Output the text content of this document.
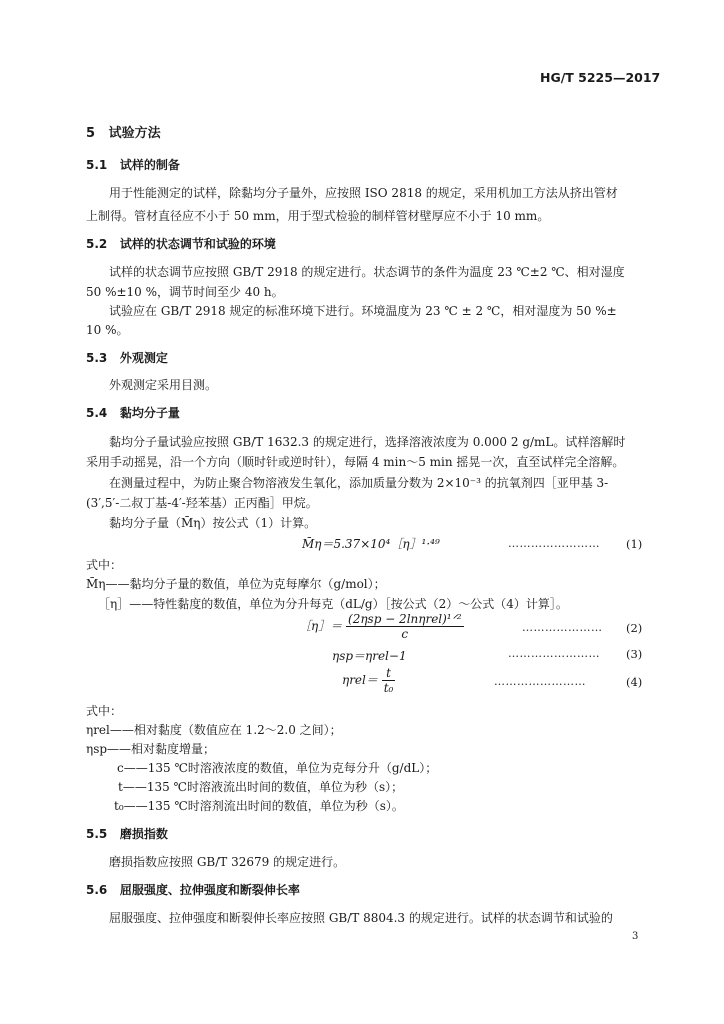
HG/T 5225—2017
5 试验方法
5.1 试样的制备
用于性能测定的试样，除黏均分子量外，应按照 ISO 2818 的规定，采用机加工方法从挤出管材
上制得。管材直径应不小于 50 mm，用于型式检验的制样管材壁厚应不小于 10 mm。
5.2 试样的状态调节和试验的环境
试样的状态调节应按照 GB/T 2918 的规定进行。状态调节的条件为温度 23 ℃±2 ℃、相对湿度
50 %±10 %，调节时间至少 40 h。
试验应在 GB/T 2918 规定的标准环境下进行。环境温度为 23 ℃ ± 2 ℃，相对湿度为 50 %±
10 %。
5.3 外观测定
外观测定采用目测。
5.4 黏均分子量
黏均分子量试验应按照 GB/T 1632.3 的规定进行，选择溶液浓度为 0.000 2 g/mL。试样溶解时
采用手动摇晃，沿一个方向（顺时针或逆时针），每隔 4 min～5 min 摇晃一次，直至试样完全溶解。
在测量过程中，为防止聚合物溶液发生氧化，添加质量分数为 2×10⁻³ 的抗氧剂四［亚甲基 3-
(3′,5′-二叔丁基-4′-羟苯基）正丙酯］甲烷。
黏均分子量（M̄η）按公式（1）计算。
M̄η＝5.37×10⁴［η］¹·⁴⁹	…………………… (1)
式中：
M̄η——黏均分子量的数值，单位为克每摩尔（g/mol）；
［η］——特性黏度的数值，单位为分升每克（dL/g）［按公式（2）～公式（4）计算］。
［η］＝ $\frac{\text{(2ηsp − 2lnηrel)¹ᐟ²}}{c}$	………………… (2)
ηsp＝ηrel−1	…………………… (3)
$\eta rel= \frac{t}{\text{t₀}}$	……………………	(4)
式中：
ηrel——相对黏度（数值应在 1.2～2.0 之间）；
ηsp——相对黏度增量；
c——135 ℃时溶液浓度的数值，单位为克每分升（g/dL）；
t——135 ℃时溶液流出时间的数值，单位为秒（s）；
t₀——135 ℃时溶剂流出时间的数值，单位为秒（s）。
5.5 磨损指数
磨损指数应按照 GB/T 32679 的规定进行。
5.6 屈服强度、拉伸强度和断裂伸长率
屈服强度、拉伸强度和断裂伸长率应按照 GB/T 8804.3 的规定进行。试样的状态调节和试验的
3
